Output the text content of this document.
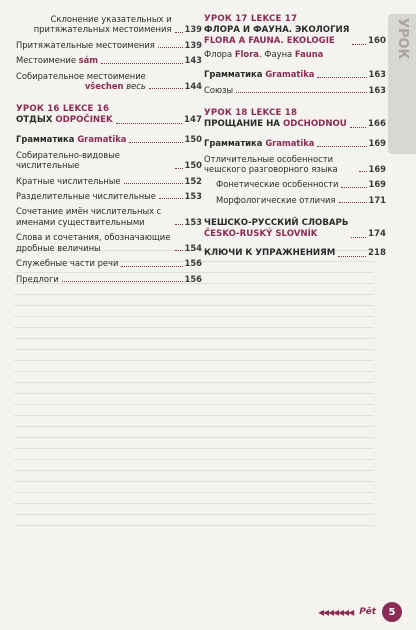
УРОК
Склонение указательных и притяжательных местоимения 139
Притяжательные местоимения	139
Местоимение sám	143
Собирательное местоимение
všechen весь	144
УРОК 16 LEKCE 16
ОТДЫХ ODPOČINEK	147
Грамматика Gramatika	150
Собирательно-видовые числительные	150
Кратные числительные	152
Разделительные числительные	153
Сочетание имён числительных с именами существительными	153
Слова и сочетания, обозначающие дробные величины	154
Служебные части речи	156
Предлоги	156
УРОК 17 LEKCE 17
ФЛОРА И ФАУНА. ЭКОЛОГИЯ
FLORA A FAUNA. EKOLOGIE	160
Флора Flora. Фауна Fauna
Грамматика Gramatika	163
Союзы	163
УРОК 18 LEKCE 18
ПРОЩАНИЕ НА ODCHODNOU 166
Грамматика Gramatika	169
Отличительные особенности чешского разговорного языка	169
Фонетические особенности	169
Морфологические отличия	171
ЧЕШСКО-РУССКИЙ СЛОВАРЬ
ČESKO-RUSKÝ SLOVNÍK	174
КЛЮЧИ К УПРАЖНЕНИЯМ	218
◂◂◂◂◂◂◂ Pět	5
